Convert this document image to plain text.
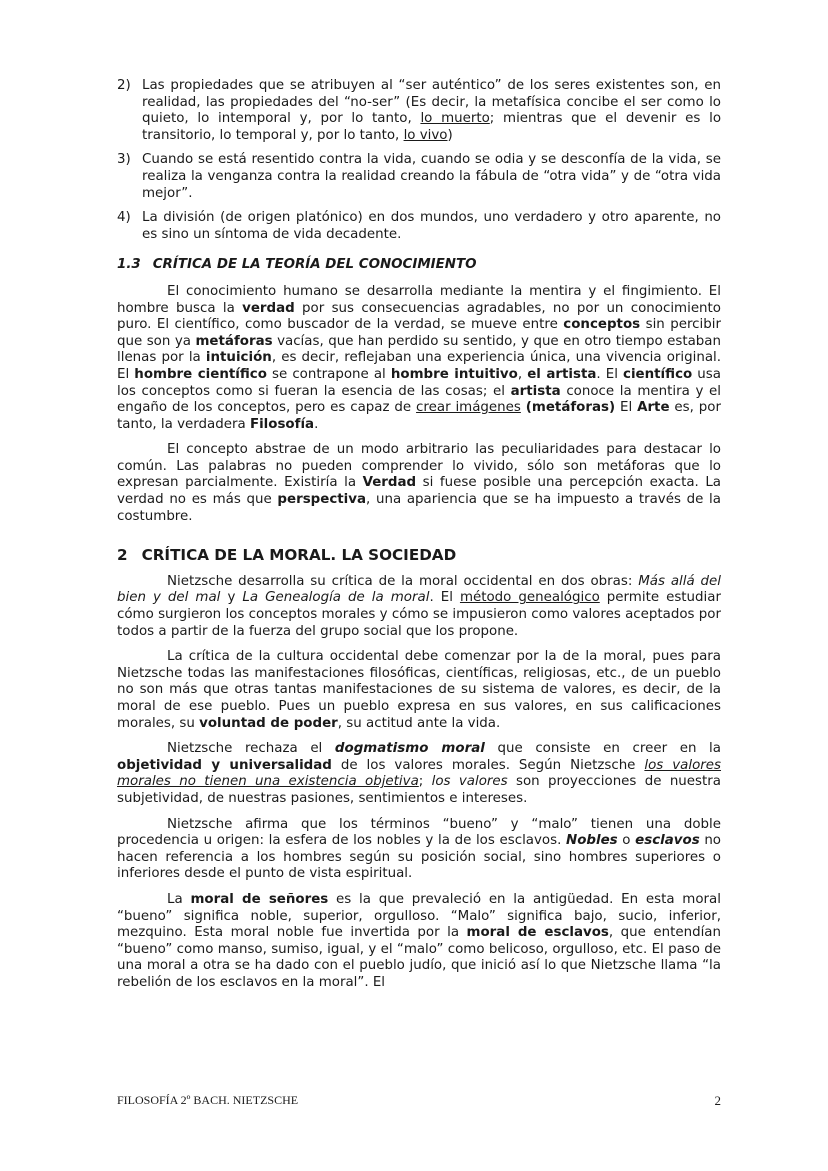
2) Las propiedades que se atribuyen al “ser auténtico” de los seres existentes son, en realidad, las propiedades del “no-ser” (Es decir, la metafísica concibe el ser como lo quieto, lo intemporal y, por lo tanto, lo muerto; mientras que el devenir es lo transitorio, lo temporal y, por lo tanto, lo vivo)
3) Cuando se está resentido contra la vida, cuando se odia y se desconfía de la vida, se realiza la venganza contra la realidad creando la fábula de “otra vida” y de “otra vida mejor”.
4) La división (de origen platónico) en dos mundos, uno verdadero y otro aparente, no es sino un síntoma de vida decadente.
1.3 CRÍTICA DE LA TEORÍA DEL CONOCIMIENTO

El conocimiento humano se desarrolla mediante la mentira y el fingimiento. El hombre busca la verdad por sus consecuencias agradables, no por un conocimiento puro. El científico, como buscador de la verdad, se mueve entre conceptos sin percibir que son ya metáforas vacías, que han perdido su sentido, y que en otro tiempo estaban llenas por la intuición, es decir, reflejaban una experiencia única, una vivencia original. El hombre científico se contrapone al hombre intuitivo, el artista. El científico usa los conceptos como si fueran la esencia de las cosas; el artista conoce la mentira y el engaño de los conceptos, pero es capaz de crear imágenes (metáforas) El Arte es, por tanto, la verdadera Filosofía.

El concepto abstrae de un modo arbitrario las peculiaridades para destacar lo común. Las palabras no pueden comprender lo vivido, sólo son metáforas que lo expresan parcialmente. Existiría la Verdad si fuese posible una percepción exacta. La verdad no es más que perspectiva, una apariencia que se ha impuesto a través de la costumbre.

2 CRÍTICA DE LA MORAL. LA SOCIEDAD

Nietzsche desarrolla su crítica de la moral occidental en dos obras: Más allá del bien y del mal y La Genealogía de la moral. El método genealógico permite estudiar cómo surgieron los conceptos morales y cómo se impusieron como valores aceptados por todos a partir de la fuerza del grupo social que los propone.

La crítica de la cultura occidental debe comenzar por la de la moral, pues para Nietzsche todas las manifestaciones filosóficas, científicas, religiosas, etc., de un pueblo no son más que otras tantas manifestaciones de su sistema de valores, es decir, de la moral de ese pueblo. Pues un pueblo expresa en sus valores, en sus calificaciones morales, su voluntad de poder, su actitud ante la vida.

Nietzsche rechaza el dogmatismo moral que consiste en creer en la objetividad y universalidad de los valores morales. Según Nietzsche los valores morales no tienen una existencia objetiva; los valores son proyecciones de nuestra subjetividad, de nuestras pasiones, sentimientos e intereses.

Nietzsche afirma que los términos “bueno” y “malo” tienen una doble procedencia u origen: la esfera de los nobles y la de los esclavos. Nobles o esclavos no hacen referencia a los hombres según su posición social, sino hombres superiores o inferiores desde el punto de vista espiritual.

La moral de señores es la que prevaleció en la antigüedad. En esta moral “bueno” significa noble, superior, orgulloso. “Malo” significa bajo, sucio, inferior, mezquino. Esta moral noble fue invertida por la moral de esclavos, que entendían “bueno” como manso, sumiso, igual, y el “malo” como belicoso, orgulloso, etc. El paso de una moral a otra se ha dado con el pueblo judío, que inició así lo que Nietzsche llama “la rebelión de los esclavos en la moral”. El

FILOSOFÍA 2º BACH. NIETZSCHE	2
